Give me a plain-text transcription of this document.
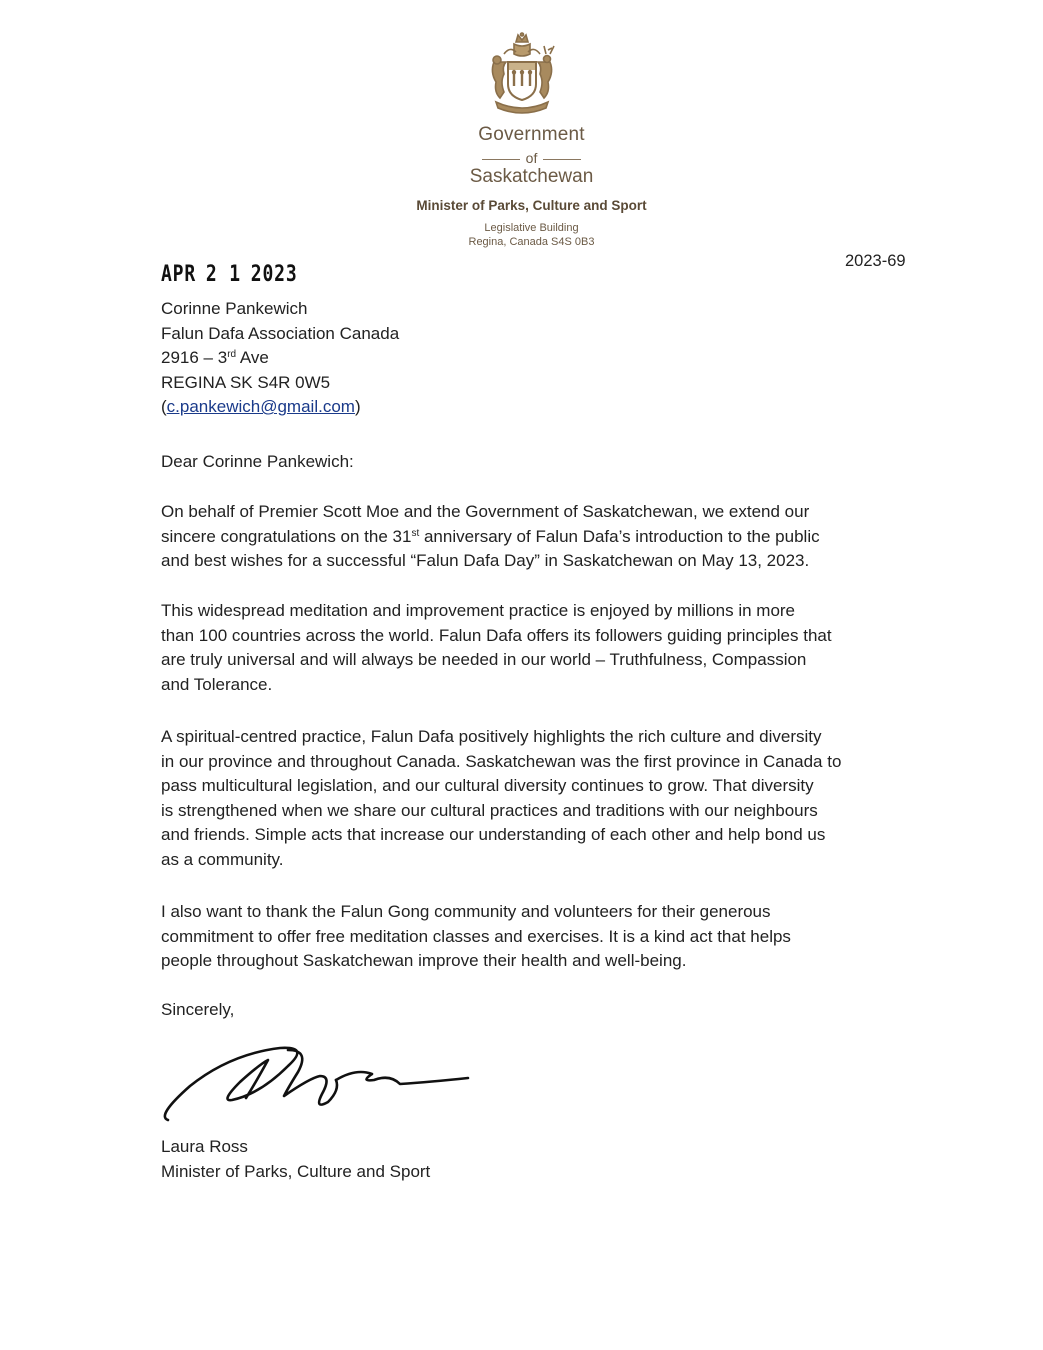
Government
of
Saskatchewan
Minister of Parks, Culture and Sport
Legislative Building
Regina, Canada S4S 0B3
2023-69
APR 2 1 2023
Corinne Pankewich
Falun Dafa Association Canada
2916 – 3rd Ave
REGINA SK S4R 0W5
(c.pankewich@gmail.com)
Dear Corinne Pankewich:
On behalf of Premier Scott Moe and the Government of Saskatchewan, we extend our
sincere congratulations on the 31st anniversary of Falun Dafa’s introduction to the public
and best wishes for a successful “Falun Dafa Day” in Saskatchewan on May 13, 2023.
This widespread meditation and improvement practice is enjoyed by millions in more
than 100 countries across the world. Falun Dafa offers its followers guiding principles that
are truly universal and will always be needed in our world – Truthfulness, Compassion
and Tolerance.
A spiritual-centred practice, Falun Dafa positively highlights the rich culture and diversity
in our province and throughout Canada. Saskatchewan was the first province in Canada to
pass multicultural legislation, and our cultural diversity continues to grow. That diversity
is strengthened when we share our cultural practices and traditions with our neighbours
and friends. Simple acts that increase our understanding of each other and help bond us
as a community.
I also want to thank the Falun Gong community and volunteers for their generous
commitment to offer free meditation classes and exercises. It is a kind act that helps
people throughout Saskatchewan improve their health and well-being.
Sincerely,
Laura Ross
Minister of Parks, Culture and Sport
